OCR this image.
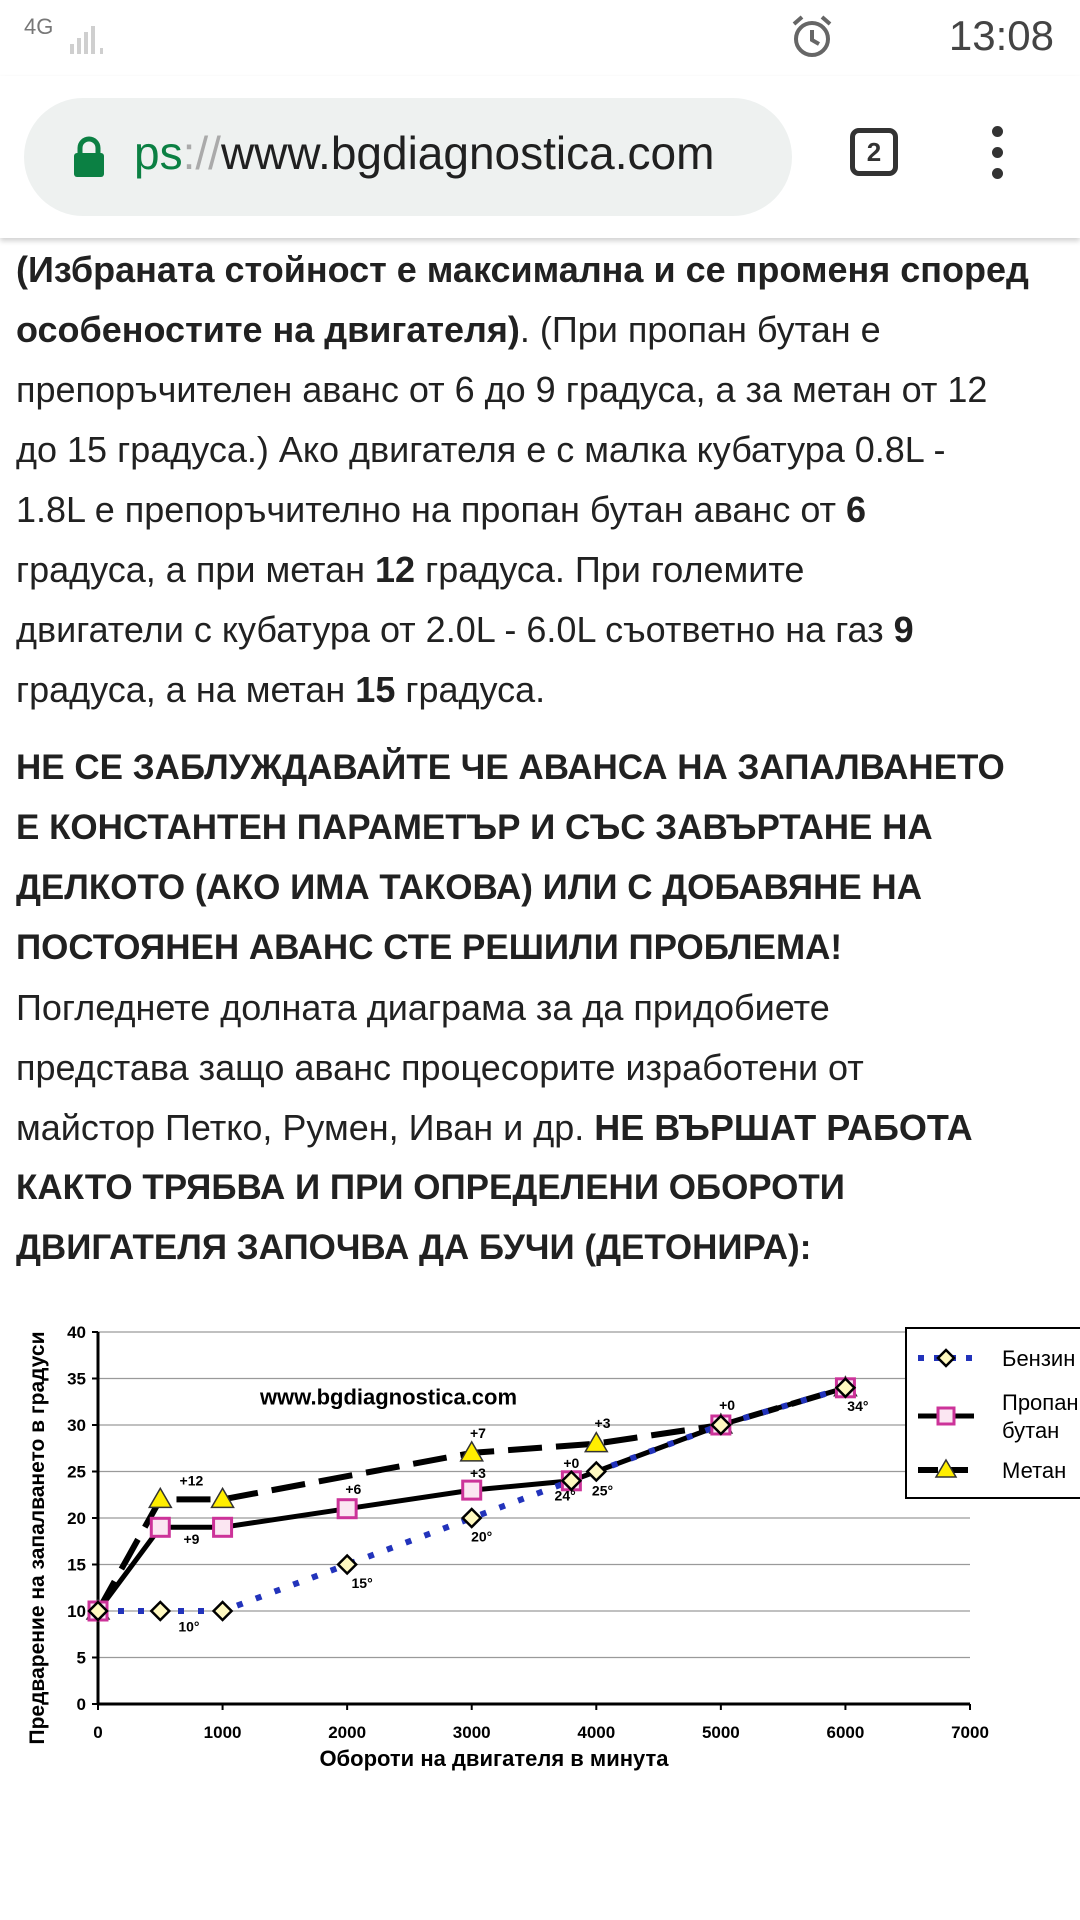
4G	13:08
ps://www.bgdiagnostica.com	2

(Избраната стойност е максимална и се променя според

особеностите на двигателя). (При пропан бутан е

препоръчителен аванс от 6 до 9 градуса, а за метан от 12

до 15 градуса.) Ако двигателя е с малка кубатура 0.8L -

1.8L е препоръчително на пропан бутан аванс от 6

градуса, а при метан 12 градуса. При големите

двигатели с кубатура от 2.0L - 6.0L съответно на газ 9

градуса, а на метан 15 градуса.

НЕ СЕ ЗАБЛУЖДАВАЙТЕ ЧЕ АВАНСА НА ЗАПАЛВАНЕТО
Е КОНСТАНТЕН ПАРАМЕТЪР И СЪС ЗАВЪРТАНЕ НА
ДЕЛКОТО (АКО ИМА ТАКОВА) ИЛИ С ДОБАВЯНЕ НА
ПОСТОЯНЕН АВАНС СТЕ РЕШИЛИ ПРОБЛЕМА!

Погледнете долната диаграма за да придобиете

представа защо аванс процесорите изработени от

майстор Петко, Румен, Иван и др. НЕ ВЪРШАТ РАБОТА

КАКТО ТРЯБВА И ПРИ ОПРЕДЕЛЕНИ ОБОРОТИ
ДВИГАТЕЛЯ ЗАПОЧВА ДА БУЧИ (ДЕТОНИРА):
0
5
10
15
20
25
30
35
40
0	1000	2000	3000	4000	5000	6000	7000
Обороти на двигателя в минута
Предварение на запалването в градуси	www.bgdiagnostica.com
+12
+9
+6
+7
+3
+0
+3
+0
10°
15°
20°
24° 25°
34°
Бензин
Пропан
бутан
Метан
